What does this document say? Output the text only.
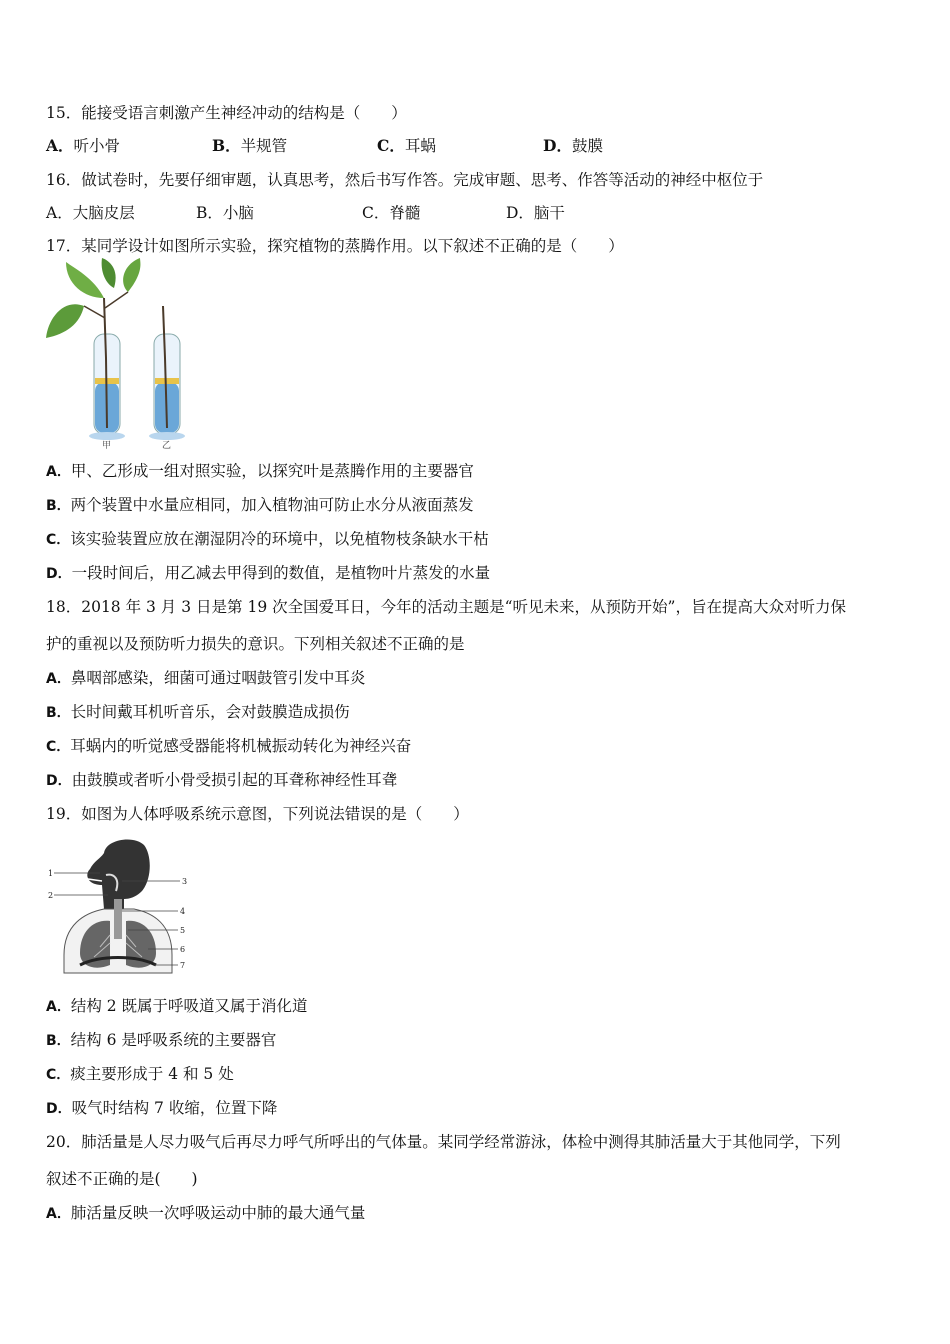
15．能接受语言刺激产生神经冲动的结构是（　　）
A．听小骨	B．半规管	C．耳蜗	D．鼓膜
16．做试卷时，先要仔细审题，认真思考，然后书写作答。完成审题、思考、作答等活动的神经中枢位于
A．大脑皮层	B．小脑	C．脊髓	D．脑干
17．某同学设计如图所示实验，探究植物的蒸腾作用。以下叙述不正确的是（　　）
甲	乙
A．甲、乙形成一组对照实验，以探究叶是蒸腾作用的主要器官
B．两个装置中水量应相同，加入植物油可防止水分从液面蒸发
C．该实验装置应放在潮湿阴冷的环境中，以免植物枝条缺水干枯
D．一段时间后，用乙减去甲得到的数值，是植物叶片蒸发的水量
18．2018 年 3 月 3 日是第 19 次全国爱耳日，今年的活动主题是“听见未来，从预防开始”，旨在提高大众对听力保
护的重视以及预防听力损失的意识。下列相关叙述不正确的是
A．鼻咽部感染，细菌可通过咽鼓管引发中耳炎
B．长时间戴耳机听音乐，会对鼓膜造成损伤
C．耳蜗内的听觉感受器能将机械振动转化为神经兴奋
D．由鼓膜或者听小骨受损引起的耳聋称神经性耳聋
19．如图为人体呼吸系统示意图，下列说法错误的是（　　）
1
2
3
4
5
6
7
A．结构 2 既属于呼吸道又属于消化道
B．结构 6 是呼吸系统的主要器官
C．痰主要形成于 4 和 5 处
D．吸气时结构 7 收缩，位置下降
20．肺活量是人尽力吸气后再尽力呼气所呼出的气体量。某同学经常游泳，体检中测得其肺活量大于其他同学，下列
叙述不正确的是(　　)
A．肺活量反映一次呼吸运动中肺的最大通气量
